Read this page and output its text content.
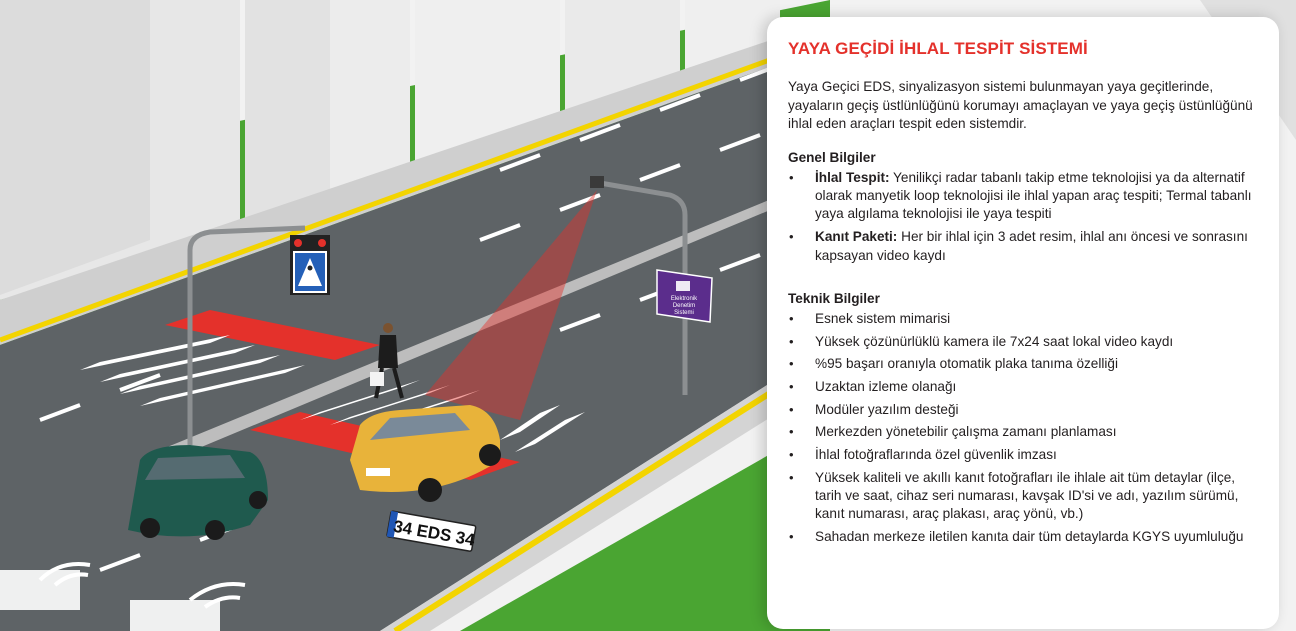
Elektronik
Denetim
Sistemi
34 EDS 34
YAYA GEÇİDİ İHLAL TESPİT SİSTEMİ

Yaya Geçici EDS, sinyalizasyon sistemi bulunmayan yaya geçitlerinde, yayaların geçiş üstlünlüğünü korumayı amaçlayan ve yaya geçiş üstünlüğünü ihlal eden araçları tespit eden sistemdir.

Genel Bilgiler
• İhlal Tespit: Yenilikçi radar tabanlı takip etme teknolojisi ya da alternatif olarak manyetik loop teknolojisi ile ihlal yapan araç tespiti; Termal tabanlı yaya algılama teknolojisi ile yaya tespiti
• Kanıt Paketi: Her bir ihlal için 3 adet resim, ihlal anı öncesi ve sonrasını kapsayan video kaydı
Teknik Bilgiler
• Esnek sistem mimarisi
• Yüksek çözünürlüklü kamera ile 7x24 saat lokal video kaydı
• %95 başarı oranıyla otomatik plaka tanıma özelliği
• Uzaktan izleme olanağı
• Modüler yazılım desteği
• Merkezden yönetebilir çalışma zamanı planlaması
• İhlal fotoğraflarında özel güvenlik imzası
• Yüksek kaliteli ve akıllı kanıt fotoğrafları ile ihlale ait tüm detaylar (ilçe, tarih ve saat, cihaz seri numarası, kavşak ID'si ve adı, yazılım sürümü, kanıt numarası, araç plakası, araç yönü, vb.)
• Sahadan merkeze iletilen kanıta dair tüm detaylarda KGYS uyumluluğu
